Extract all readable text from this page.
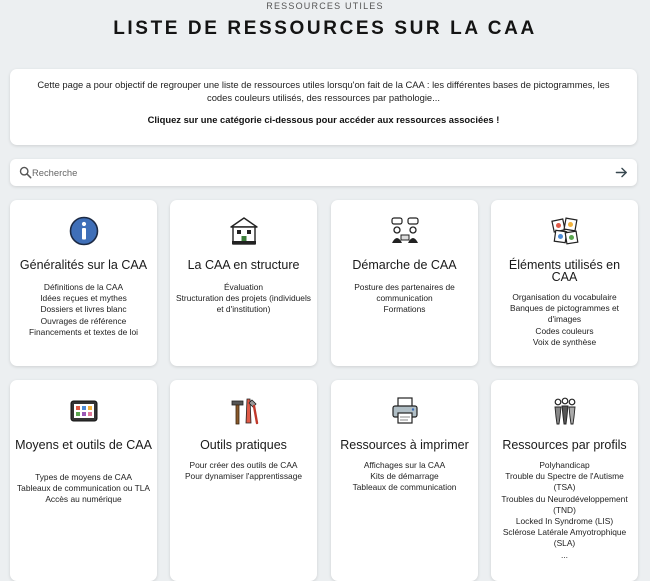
RESSOURCES UTILES
LISTE DE RESSOURCES SUR LA CAA
Cette page a pour objectif de regrouper une liste de ressources utiles lorsqu'on fait de la CAA : les différentes bases de pictogrammes, les codes couleurs utilisés, des ressources par pathologie...
Cliquez sur une catégorie ci-dessous pour accéder aux ressources associées !
Recherche
Généralités sur la CAA
Définitions de la CAA
Idées reçues et mythes
Dossiers et livres blanc
Ouvrages de référence
Financements et textes de loi
La CAA en structure
Évaluation
Structuration des projets (individuels et d'institution)
Démarche de CAA
Posture des partenaires de communication
Formations
Éléments utilisés en CAA
Organisation du vocabulaire
Banques de pictogrammes et d'images
Codes couleurs
Voix de synthèse
Moyens et outils de CAA
Types de moyens de CAA
Tableaux de communication ou TLA
Accès au numérique
Outils pratiques
Pour créer des outils de CAA
Pour dynamiser l'apprentissage
Ressources à imprimer
Affichages sur la CAA
Kits de démarrage
Tableaux de communication
Ressources par profils
Polyhandicap
Trouble du Spectre de l'Autisme (TSA)
Troubles du Neurodéveloppement (TND)
Locked In Syndrome (LIS)
Sclérose Latérale Amyotrophique (SLA)
...
